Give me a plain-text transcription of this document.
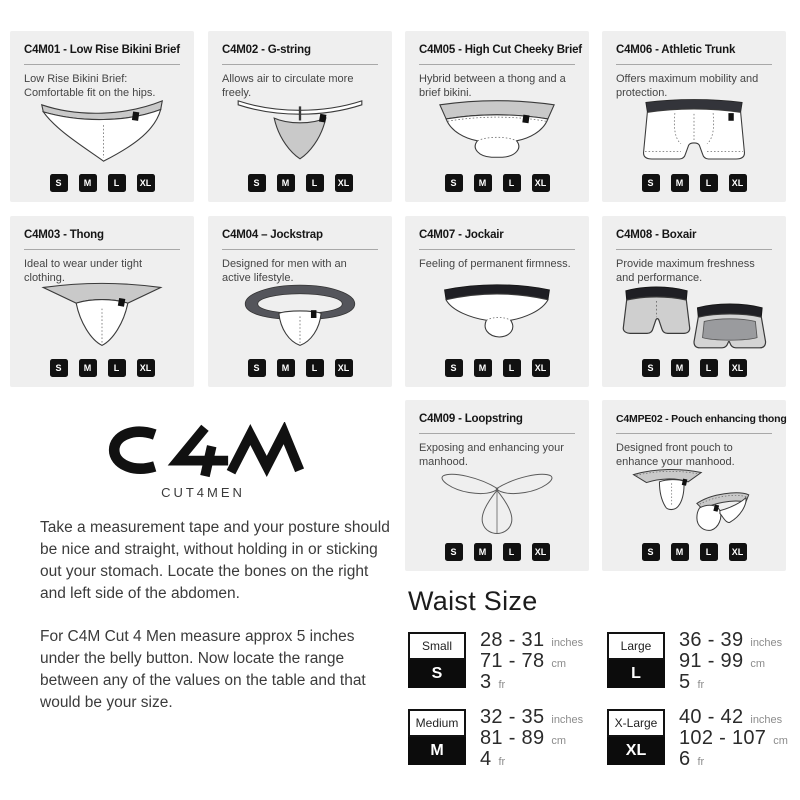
C4M01 - Low Rise Bikini Brief

Low Rise Bikini Brief: Comfortable fit on the hips.

S	M	L	XL
C4M02 - G-string

Allows air to circulate more freely.

S	M	L	XL
C4M05 - High Cut Cheeky Brief

Hybrid between a thong and a brief bikini.

S	M	L	XL
C4M06 - Athletic Trunk

Offers maximum mobility and protection.

S	M	L	XL
C4M03 - Thong

Ideal to wear under tight clothing.

S	M	L	XL
C4M04 – Jockstrap

Designed for men with an active lifestyle.

S	M	L	XL
C4M07 - Jockair

Feeling of permanent firmness.

S	M	L	XL
C4M08 - Boxair

Provide maximum freshness and performance.

S	M	L	XL
C4M09 - Loopstring

Exposing and enhancing your manhood.

S	M	L	XL
C4MPE02 - Pouch enhancing thong

Designed front pouch to enhance your manhood.

S	M	L	XL
CUT4MEN

Take a measurement tape and your posture should be nice and straight, without holding in or sticking out your stomach. Locate the bones on the right and left side of the abdomen.

For C4M Cut 4 Men measure approx 5 inches under the belly button. Now locate the range between any of the values on the table and that would be your size.

Waist Size
Small
S
28 - 31 inches
71 - 78 cm
3 fr
Large
L
36 - 39 inches
91 - 99 cm
5 fr
Medium
M
32 - 35 inches
81 - 89 cm
4 fr
X-Large
XL
40 - 42 inches
102 - 107 cm
6 fr
